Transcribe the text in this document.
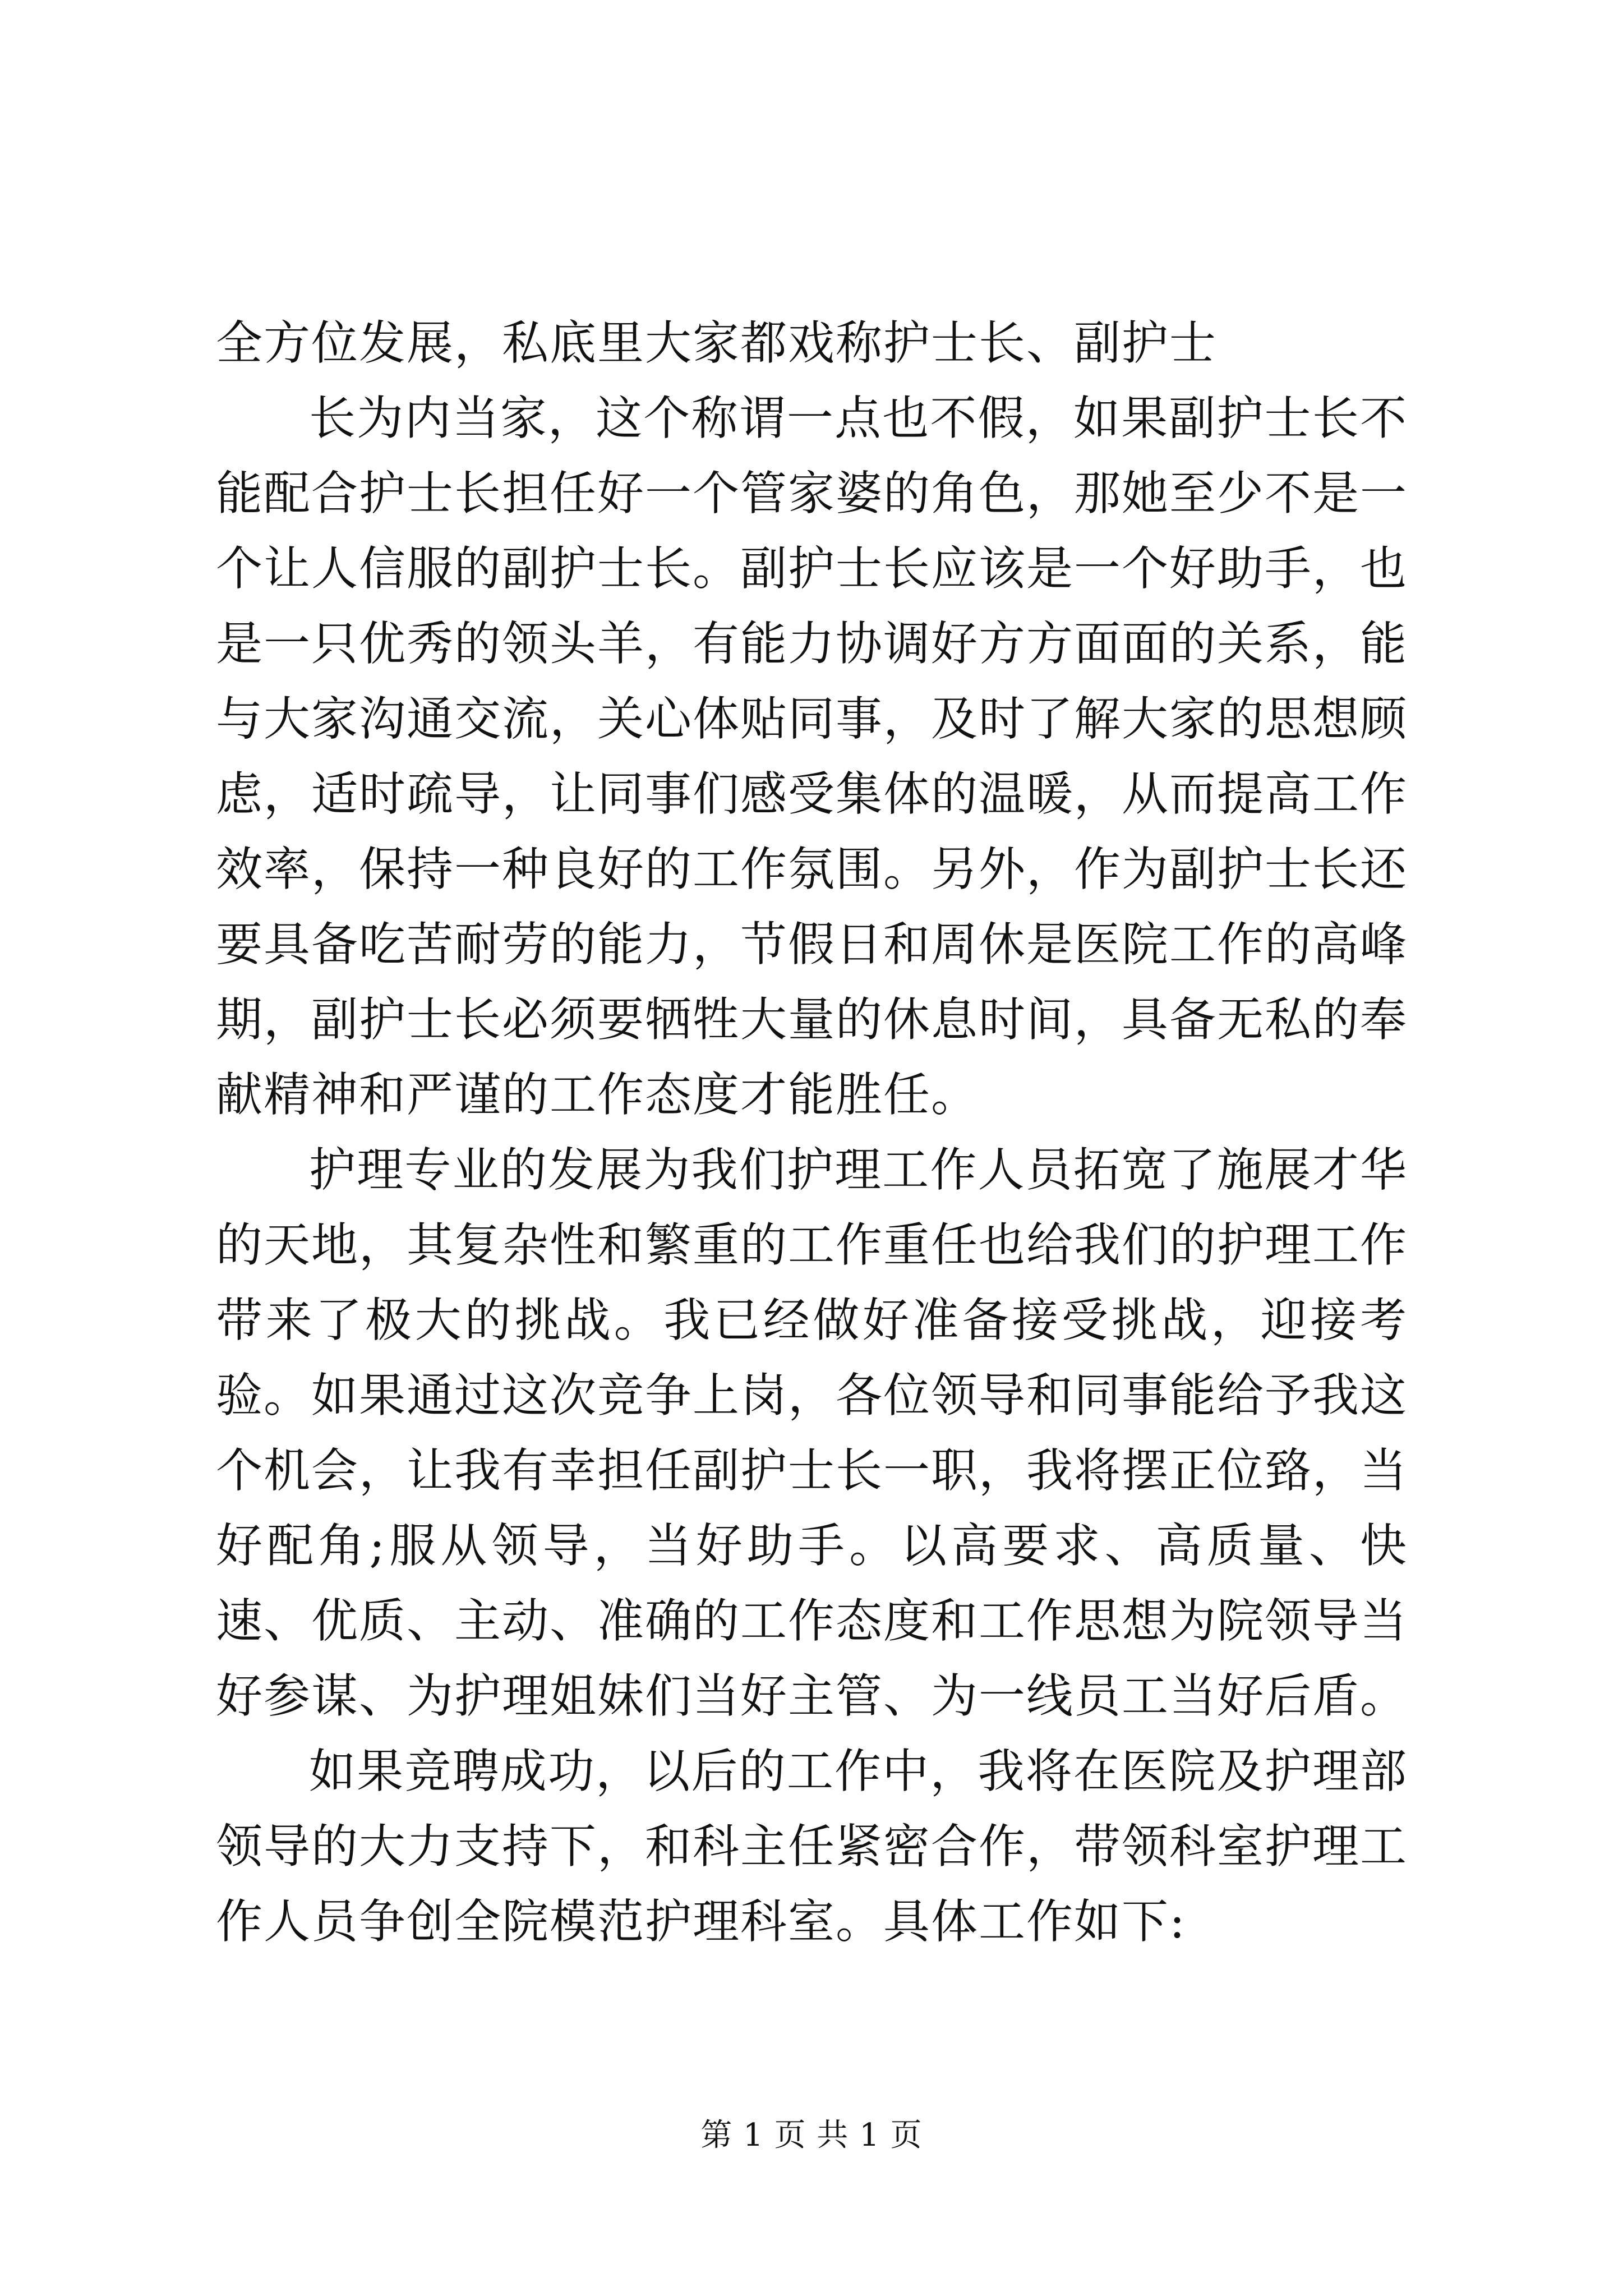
全方位发展，私底里大家都戏称护士长、副护士

长为内当家，这个称谓一点也不假，如果副护士长不能配合护士长担任好一个管家婆的角色，那她至少不是一个让人信服的副护士长。副护士长应该是一个好助手，也是一只优秀的领头羊，有能力协调好方方面面的关系，能与大家沟通交流，关心体贴同事，及时了解大家的思想顾虑，适时疏导，让同事们感受集体的温暖，从而提高工作效率，保持一种良好的工作氛围。另外，作为副护士长还要具备吃苦耐劳的能力，节假日和周休是医院工作的高峰期，副护士长必须要牺牲大量的休息时间，具备无私的奉献精神和严谨的工作态度才能胜任。

护理专业的发展为我们护理工作人员拓宽了施展才华的天地，其复杂性和繁重的工作重任也给我们的护理工作带来了极大的挑战。我已经做好准备接受挑战，迎接考验。如果通过这次竞争上岗，各位领导和同事能给予我这个机会，让我有幸担任副护士长一职，我将摆正位臵，当好配角;服从领导，当好助手。以高要求、高质量、快速、优质、主动、准确的工作态度和工作思想为院领导当好参谋、为护理姐妹们当好主管、为一线员工当好后盾。

如果竞聘成功，以后的工作中，我将在医院及护理部领导的大力支持下，和科主任紧密合作，带领科室护理工作人员争创全院模范护理科室。具体工作如下:

第 1 页 共 1 页
